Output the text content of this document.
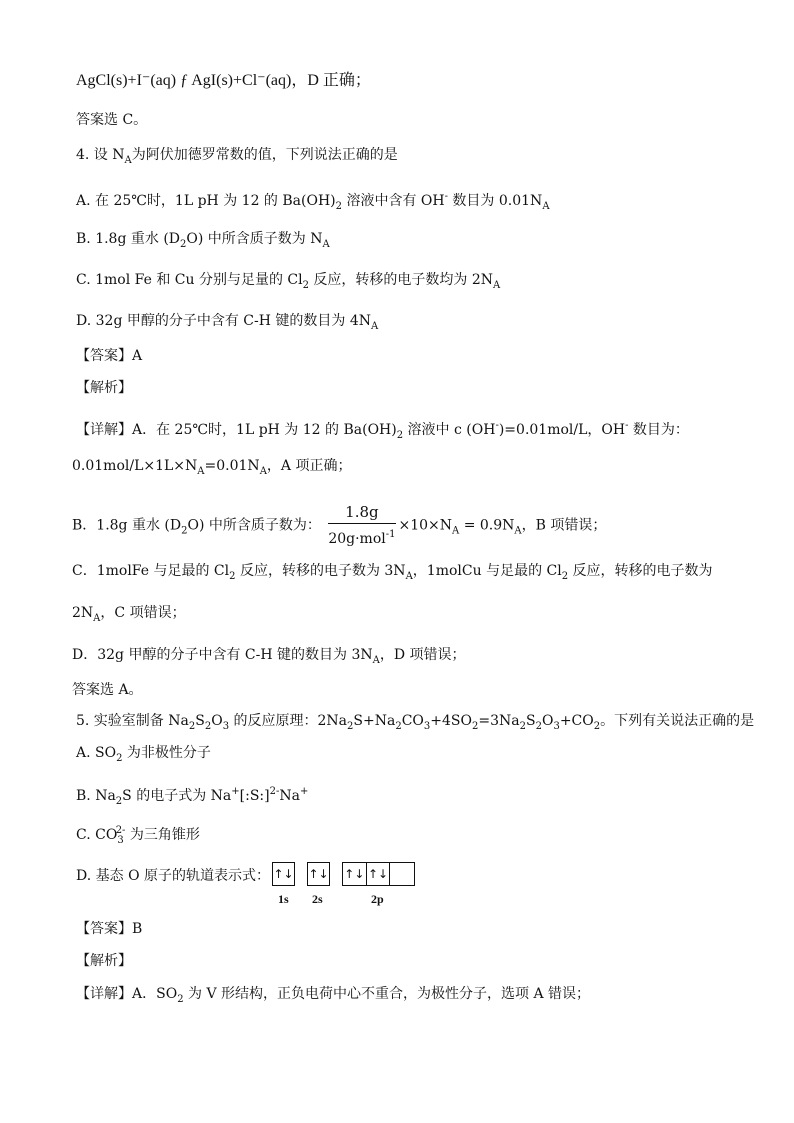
AgCl(s)+I⁻(aq) ƒ AgI(s)+Cl⁻(aq)，D 正确；
答案选 C。
4. 设 $N_A$为阿伏加德罗常数的值，下列说法正确的是
A. 在 25℃时，1L pH 为 12 的 $Ba(OH)_2$ 溶液中含有 OH- 数目为 $0.01N_A$
B. 1.8g 重水 $(D_2O)$ 中所含质子数为 $N_A$
C. 1mol Fe 和 Cu 分别与足量的 $Cl_2$ 反应，转移的电子数均为 $2N_A$
D. 32g 甲醇的分子中含有 C-H 键的数目为 $4N_A$
【答案】A
【解析】
【详解】A．在 25℃时，1L pH 为 12 的 $Ba(OH)_2$ 溶液中 c (OH-)=0.01mol/L，OH- 数目为：
$0.01mol/L\times 1L\times N_A=0.01N_A$，A 项正确；
B．1.8g 重水 $(D_2O)$ 中所含质子数为： $\frac{1.8g}{20g\cdot mol^{-1}} \times 10\times N_A = 0.9N_A$，B 项错误；
C．1molFe 与足最的 $Cl_2$ 反应，转移的电子数为 $3N_A$，1molCu 与足最的 $Cl_2$ 反应，转移的电子数为
$2N_A$，C 项错误；
D．32g 甲醇的分子中含有 C-H 键的数目为 $3N_A$，D 项错误；
答案选 A。
5. 实验室制备 $Na_2S_2O_3$ 的反应原理：$2Na_2S+Na_2CO_3+4SO_2=3Na_2S_2O_3+CO_2$。下列有关说法正确的是
A. $SO_2$ 为非极性分子
B. $Na_2S$ 的电子式为 Na+[:S:]$^{2-}$Na+
C. $CO_3^{2-}$ 为三角锥形
D. 基态 O 原子的轨道表示式： ↑↓ ↑↓ ↑↓ ↑↓
1s 2s	2p
【答案】B
【解析】
【详解】A．$SO_2$ 为 V 形结构，正负电荷中心不重合，为极性分子，选项 A 错误；
